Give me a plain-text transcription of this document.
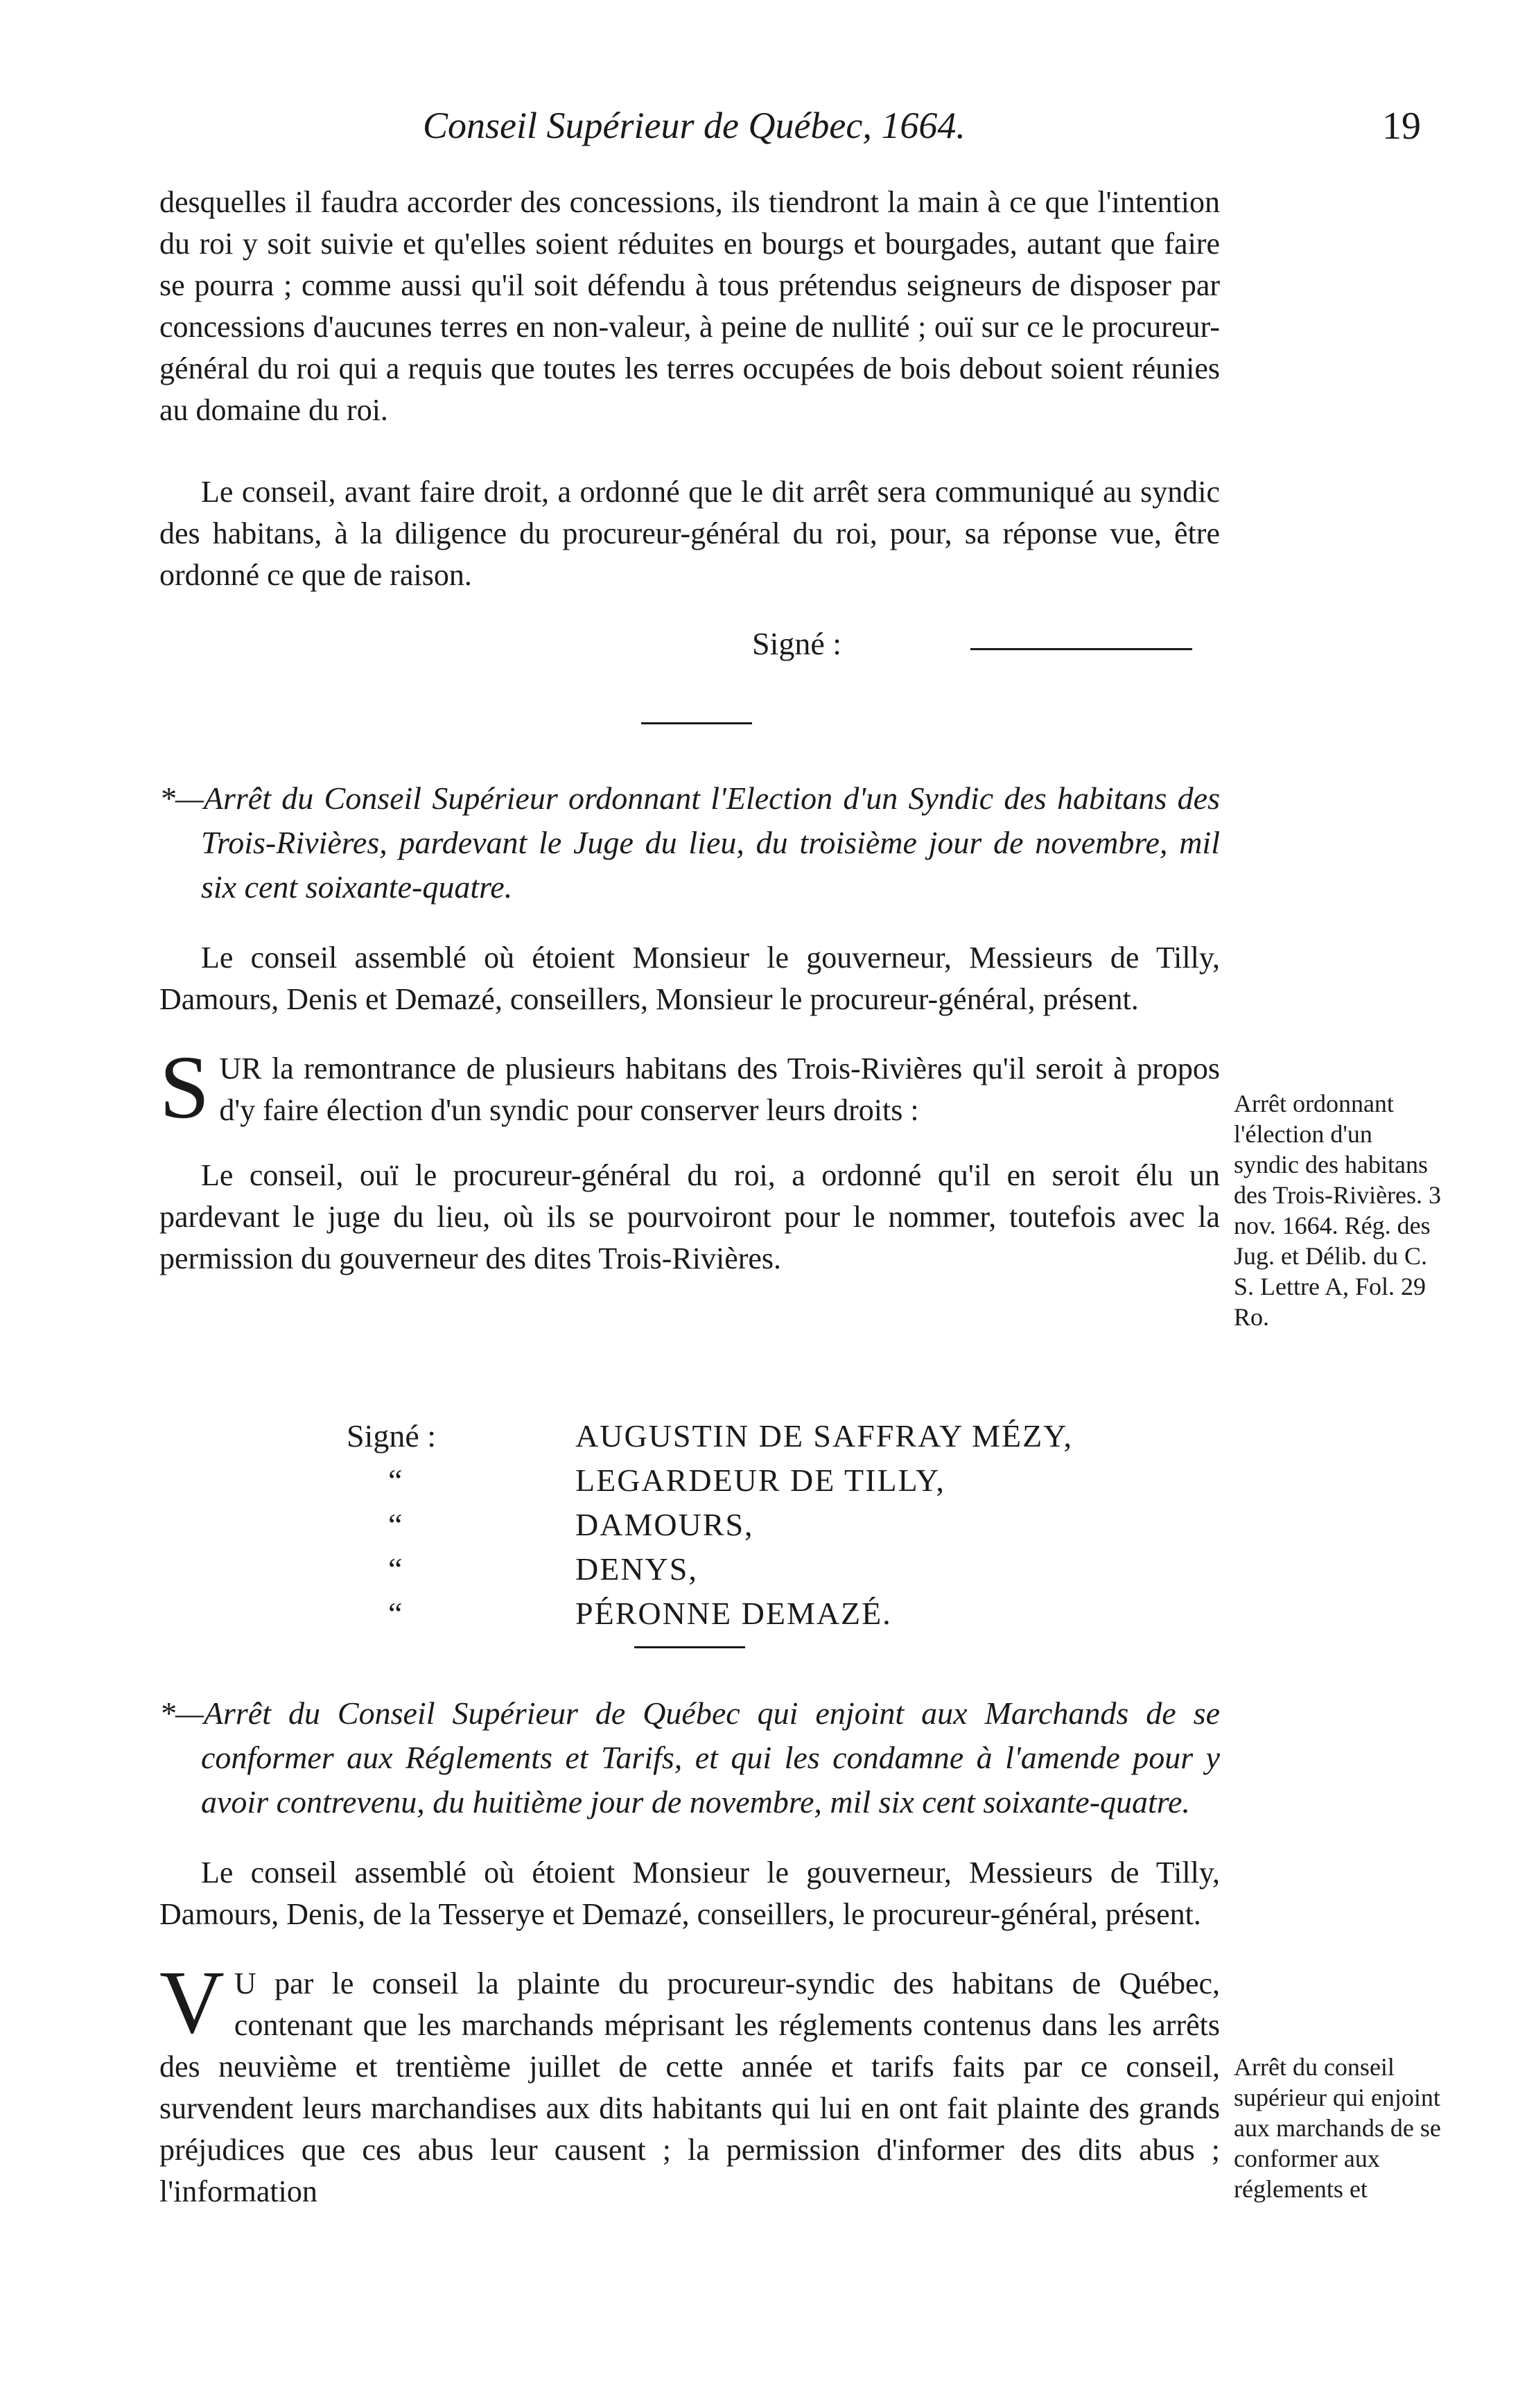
Conseil Supérieur de Québec, 1664.	19

desquelles il faudra accorder des concessions, ils tiendront la main à ce que l'intention du roi y soit suivie et qu'elles soient réduites en bourgs et bourgades, autant que faire se pourra ; comme aussi qu'il soit défendu à tous prétendus seigneurs de disposer par concessions d'aucunes terres en non-valeur, à peine de nullité ; ouï sur ce le procureur-général du roi qui a requis que toutes les terres occupées de bois debout soient réunies au domaine du roi.

Le conseil, avant faire droit, a ordonné que le dit arrêt sera communiqué au syndic des habitans, à la diligence du procureur-général du roi, pour, sa réponse vue, être ordonné ce que de raison.

Signé :

*—Arrêt du Conseil Supérieur ordonnant l'Election d'un Syndic des habitans des Trois-Rivières, pardevant le Juge du lieu, du troisième jour de novembre, mil six cent soixante-quatre.

Le conseil assemblé où étoient Monsieur le gouverneur, Messieurs de Tilly, Damours, Denis et Demazé, conseillers, Monsieur le procureur-général, présent.

S UR la remontrance de plusieurs habitans des Trois-Rivières qu'il seroit à propos d'y faire élection d'un syndic pour conserver leurs droits :

Le conseil, ouï le procureur-général du roi, a ordonné qu'il en seroit élu un pardevant le juge du lieu, où ils se pourvoiront pour le nommer, toutefois avec la permission du gouverneur des dites Trois-Rivières.

Arrêt ordonnant l'élection d'un syndic des habitans des Trois-Rivières. 3 nov. 1664. Rég. des Jug. et Délib. du C. S. Lettre A, Fol. 29 Ro.
Signé :	AUGUSTIN DE SAFFRAY MÉZY,
“	LEGARDEUR DE TILLY,
“	DAMOURS,
“	DENYS,
“	PÉRONNE DEMAZÉ.

*—Arrêt du Conseil Supérieur de Québec qui enjoint aux Marchands de se conformer aux Réglements et Tarifs, et qui les condamne à l'amende pour y avoir contrevenu, du huitième jour de novembre, mil six cent soixante-quatre.

Le conseil assemblé où étoient Monsieur le gouverneur, Messieurs de Tilly, Damours, Denis, de la Tesserye et Demazé, conseillers, le procureur-général, présent.

V U par le conseil la plainte du procureur-syndic des habitans de Québec, contenant que les marchands méprisant les réglements contenus dans les arrêts des neuvième et trentième juillet de cette année et tarifs faits par ce conseil, survendent leurs marchandises aux dits habitants qui lui en ont fait plainte des grands préjudices que ces abus leur causent ; la permission d'informer des dits abus ; l'information

Arrêt du conseil supérieur qui enjoint aux marchands de se conformer aux réglements et
